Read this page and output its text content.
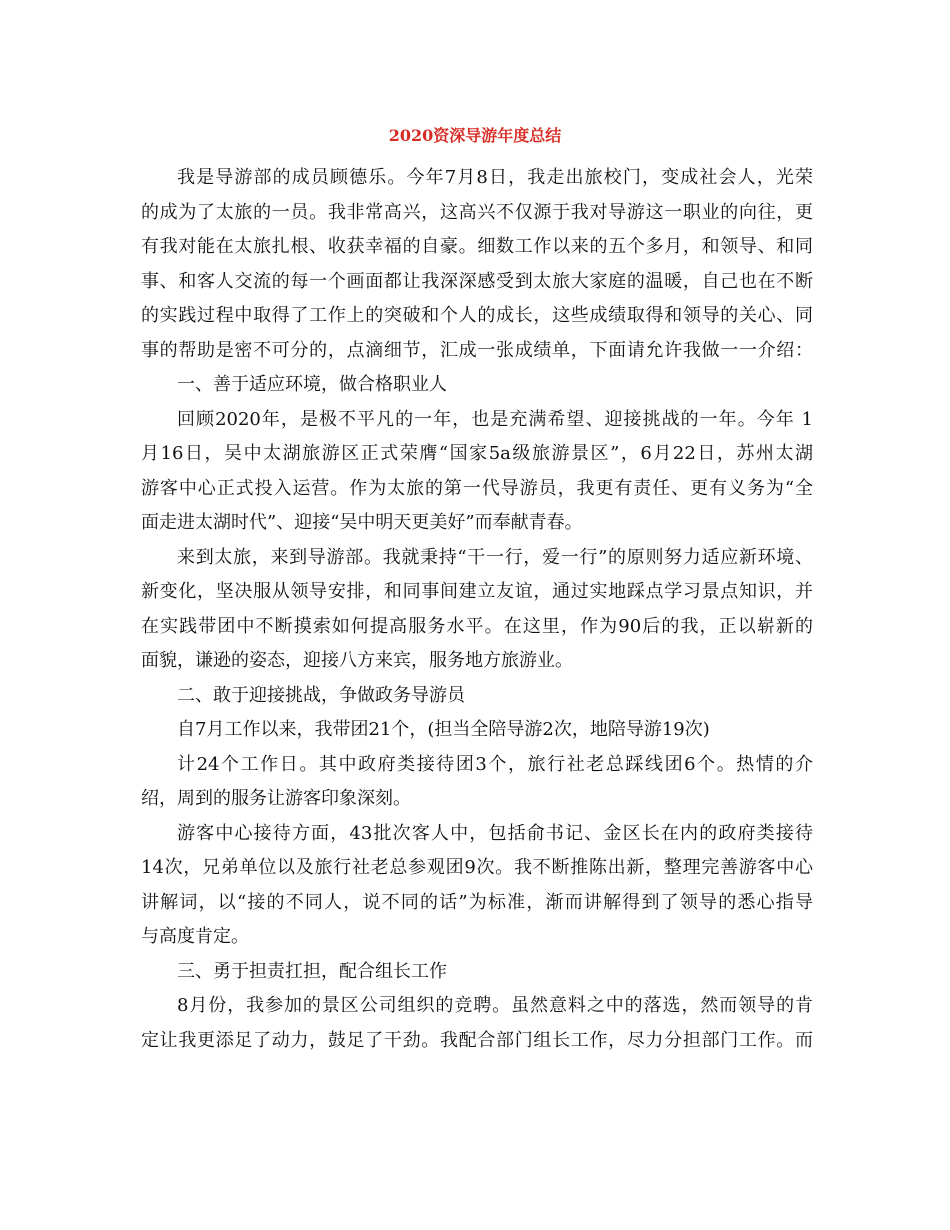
2020资深导游年度总结
我是导游部的成员顾德乐。今年7月8日，我走出旅校门，变成社会人，光荣
的成为了太旅的一员。我非常高兴，这高兴不仅源于我对导游这一职业的向往，更
有我对能在太旅扎根、收获幸福的自豪。细数工作以来的五个多月，和领导、和同
事、和客人交流的每一个画面都让我深深感受到太旅大家庭的温暖，自己也在不断
的实践过程中取得了工作上的突破和个人的成长，这些成绩取得和领导的关心、同
事的帮助是密不可分的，点滴细节，汇成一张成绩单，下面请允许我做一一介绍：
一、善于适应环境，做合格职业人
回顾2020年，是极不平凡的一年，也是充满希望、迎接挑战的一年。今年 1
月16日，吴中太湖旅游区正式荣膺“国家5a级旅游景区”，6月22日，苏州太湖
游客中心正式投入运营。作为太旅的第一代导游员，我更有责任、更有义务为“全
面走进太湖时代”、迎接“吴中明天更美好”而奉献青春。
来到太旅，来到导游部。我就秉持“干一行，爱一行”的原则努力适应新环境、
新变化，坚决服从领导安排，和同事间建立友谊，通过实地踩点学习景点知识，并
在实践带团中不断摸索如何提高服务水平。在这里，作为90后的我，正以崭新的
面貌，谦逊的姿态，迎接八方来宾，服务地方旅游业。
二、敢于迎接挑战，争做政务导游员
自7月工作以来，我带团21个，(担当全陪导游2次，地陪导游19次)
计24个工作日。其中政府类接待团3个，旅行社老总踩线团6个。热情的介
绍，周到的服务让游客印象深刻。
游客中心接待方面，43批次客人中，包括俞书记、金区长在内的政府类接待
14次，兄弟单位以及旅行社老总参观团9次。我不断推陈出新，整理完善游客中心
讲解词，以“接的不同人，说不同的话”为标准，渐而讲解得到了领导的悉心指导
与高度肯定。
三、勇于担责扛担，配合组长工作
8月份，我参加的景区公司组织的竞聘。虽然意料之中的落选，然而领导的肯
定让我更添足了动力，鼓足了干劲。我配合部门组长工作，尽力分担部门工作。而
